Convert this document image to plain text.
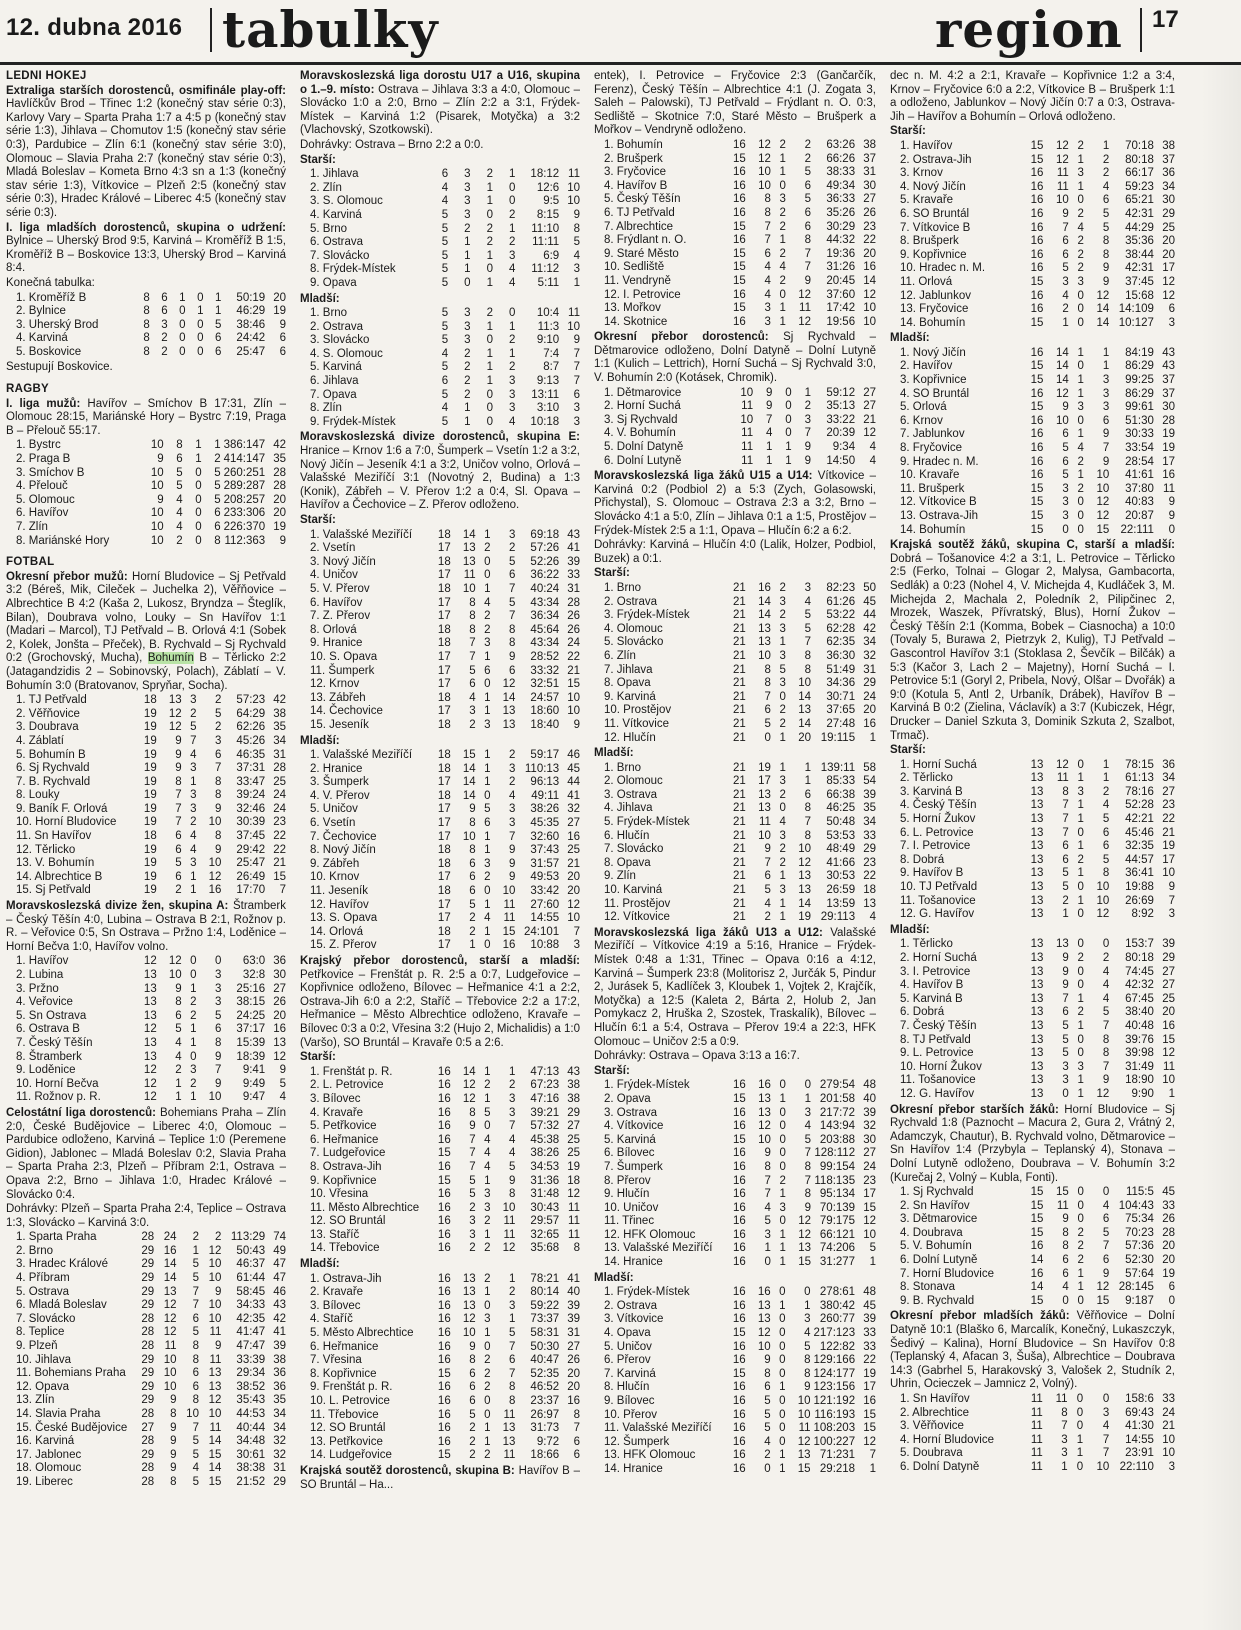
12. dubna 2016 tabulky	region 17
LEDNÍ HOKEJ

Extraliga starších dorostenců, osmifinále play-off: Havlíčkův Brod – Třinec 1:2 (konečný stav série 0:3), Karlovy Vary – Sparta Praha 1:7 a 4:5 p (konečný stav série 1:3), Jihlava – Chomutov 1:5 (konečný stav série 0:3), Pardubice – Zlín 6:1 (konečný stav série 3:0), Olomouc – Slavia Praha 2:7 (konečný stav série 0:3), Mladá Boleslav – Kometa Brno 4:3 sn a 1:3 (konečný stav série 1:3), Vítkovice – Plzeň 2:5 (konečný stav série 0:3), Hradec Králové – Liberec 4:5 (konečný stav série 0:3).

I. liga mladších dorostenců, skupina o udržení: Bylnice – Uherský Brod 9:5, Karviná – Kroměříž B 1:5, Kroměříž B – Boskovice 13:3, Uherský Brod – Karviná 8:4.

Konečná tabulka:

1. Kroměříž B	8	6	1	0	1	50:19	20
2. Bylnice	8	6	0	1	1	46:29	19
3. Uherský Brod	8	3	0	0	5	38:46	9
4. Karviná	8	2	0	0	6	24:42	6
5. Boskovice	8	2	0	0	6	25:47	6

Sestupují Boskovice.

RAGBY

I. liga mužů: Havířov – Smíchov B 17:31, Zlín – Olomouc 28:15, Mariánské Hory – Bystrc 7:19, Praga B – Přelouč 55:17.

1. Bystrc	10	8	1	1	386:147	42
2. Praga B	9	6	1	2	414:147	35
3. Smíchov B	10	5	0	5	260:251	28
4. Přelouč	10	5	0	5	289:287	28
5. Olomouc	9	4	0	5	208:257	20
6. Havířov	10	4	0	6	233:306	20
7. Zlín	10	4	0	6	226:370	19
8. Mariánské Hory	10	2	0	8	112:363	9
FOTBAL

Okresní přebor mužů: Horní Bludovice – Sj Petřvald 3:2 (Béreš, Mik, Cileček – Juchelka 2), Věřňovice – Albrechtice B 4:2 (Kaša 2, Lukosz, Bryndza – Šteglík, Bilan), Doubrava volno, Louky – Sn Havířov 1:1 (Madari – Marcol), TJ Petřvald – B. Orlová 4:1 (Sobek 2, Kolek, Jonšta – Přeček), B. Rychvald – Sj Rychvald 0:2 (Grochovský, Mucha), Bohumín B – Těrlicko 2:2 (Jatagandzidis 2 – Sobinovský, Polach), Záblatí – V. Bohumín 3:0 (Bratovanov, Spryňar, Socha).

1. TJ Petřvald	18	13	3	2	57:23	42
2. Věřňovice	19	12	2	5	64:29	38
3. Doubrava	19	12	5	2	62:26	35
4. Záblatí	19	9	7	3	45:26	34
5. Bohumín B	19	9	4	6	46:35	31
6. Sj Rychvald	19	9	3	7	37:31	28
7. B. Rychvald	19	8	1	8	33:47	25
8. Louky	19	7	3	8	39:24	24
9. Baník F. Orlová	19	7	3	9	32:46	24
10. Horní Bludovice	19	7	2	10	30:39	23
11. Sn Havířov	18	6	4	8	37:45	22
12. Těrlicko	19	6	4	9	29:42	22
13. V. Bohumín	19	5	3	10	25:47	21
14. Albrechtice B	19	6	1	12	26:49	15
15. Sj Petřvald	19	2	1	16	17:70	7

Moravskoslezská divize žen, skupina A: Štramberk – Český Těšín 4:0, Lubina – Ostrava B 2:1, Rožnov p. R. – Veřovice 0:5, Sn Ostrava – Pržno 1:4, Loděnice – Horní Bečva 1:0, Havířov volno.

1. Havířov	12	12	0	0	63:0	36
2. Lubina	13	10	0	3	32:8	30
3. Pržno	13	9	1	3	25:16	27
4. Veřovice	13	8	2	3	38:15	26
5. Sn Ostrava	13	6	2	5	24:25	20
6. Ostrava B	12	5	1	6	37:17	16
7. Český Těšín	13	4	1	8	15:39	13
8. Štramberk	13	4	0	9	18:39	12
9. Loděnice	12	2	3	7	9:41	9
10. Horní Bečva	12	1	2	9	9:49	5
11. Rožnov p. R.	12	1	1	10	9:47	4

Celostátní liga dorostenců: Bohemians Praha – Zlín 2:0, České Budějovice – Liberec 4:0, Olomouc – Pardubice odloženo, Karviná – Teplice 1:0 (Peremene Gidion), Jablonec – Mladá Boleslav 0:2, Slavia Praha – Sparta Praha 2:3, Plzeň – Příbram 2:1, Ostrava – Opava 2:2, Brno – Jihlava 1:0, Hradec Králové – Slovácko 0:4.

Dohrávky: Plzeň – Sparta Praha 2:4, Teplice – Ostrava 1:3, Slovácko – Karviná 3:0.

1. Sparta Praha	28	24	2	2	113:29	74
2. Brno	29	16	1	12	50:43	49
3. Hradec Králové	29	14	5	10	46:37	47
4. Příbram	29	14	5	10	61:44	47
5. Ostrava	29	13	7	9	58:45	46
6. Mladá Boleslav	29	12	7	10	34:33	43
7. Slovácko	28	12	6	10	42:35	42
8. Teplice	28	12	5	11	41:47	41
9. Plzeň	28	11	8	9	47:47	39
10. Jihlava	29	10	8	11	33:39	38
11. Bohemians Praha	29	10	6	13	29:34	36
12. Opava	29	10	6	13	38:52	36
13. Zlín	29	9	8	12	35:43	35
14. Slavia Praha	28	8	10	10	44:53	34
15. České Budějovice	27	9	7	11	40:44	34
16. Karviná	28	9	5	14	34:48	32
17. Jablonec	29	9	5	15	30:61	32
18. Olomouc	28	9	4	14	38:38	31
19. Liberec	28	8	5	15	21:52	29

Moravskoslezská liga dorostu U17 a U16, skupina o 1.–9. místo: Ostrava – Jihlava 3:3 a 4:0, Olomouc – Slovácko 1:0 a 2:0, Brno – Zlín 2:2 a 3:1, Frýdek-Místek – Karviná 1:2 (Pisarek, Motyčka) a 3:2 (Vlachovský, Szotkowski).

Dohrávky: Ostrava – Brno 2:2 a 0:0.

Starší:

1. Jihlava	6	3	2	1	18:12	11
2. Zlín	4	3	1	0	12:6	10
3. S. Olomouc	4	3	1	0	9:5	10
4. Karviná	5	3	0	2	8:15	9
5. Brno	5	2	2	1	11:10	8
6. Ostrava	5	1	2	2	11:11	5
7. Slovácko	5	1	1	3	6:9	4
8. Frýdek-Místek	5	1	0	4	11:12	3
9. Opava	5	0	1	4	5:11	1

Mladší:

1. Brno	5	3	2	0	10:4	11
2. Ostrava	5	3	1	1	11:3	10
3. Slovácko	5	3	0	2	9:10	9
4. S. Olomouc	4	2	1	1	7:4	7
5. Karviná	5	2	1	2	8:7	7
6. Jihlava	6	2	1	3	9:13	7
7. Opava	5	2	0	3	13:11	6
8. Zlín	4	1	0	3	3:10	3
9. Frýdek-Místek	5	1	0	4	10:18	3

Moravskoslezská divize dorostenců, skupina E: Hranice – Krnov 1:6 a 7:0, Šumperk – Vsetín 1:2 a 3:2, Nový Jičín – Jeseník 4:1 a 3:2, Uničov volno, Orlová – Valašské Meziříčí 3:1 (Novotný 2, Budina) a 1:3 (Konik), Zábřeh – V. Přerov 1:2 a 0:4, Sl. Opava – Havířov a Čechovice – Z. Přerov odloženo.

Starší:

1. Valašské Meziříčí	18	14	1	3	69:18	43
2. Vsetín	17	13	2	2	57:26	41
3. Nový Jičín	18	13	0	5	52:26	39
4. Uničov	17	11	0	6	36:22	33
5. V. Přerov	18	10	1	7	40:24	31
6. Havířov	17	8	4	5	43:34	28
7. Z. Přerov	17	8	2	7	36:34	26
8. Orlová	18	8	2	8	45:64	26
9. Hranice	18	7	3	8	43:34	24
10. S. Opava	17	7	1	9	28:52	22
11. Šumperk	17	5	6	6	33:32	21
12. Krnov	17	6	0	12	32:51	15
13. Zábřeh	18	4	1	14	24:57	10
14. Čechovice	17	3	1	13	18:60	10
15. Jeseník	18	2	3	13	18:40	9

Mladší:

1. Valašské Meziříčí	18	15	1	2	59:17	46
2. Hranice	18	14	1	3	110:13	45
3. Šumperk	17	14	1	2	96:13	44
4. V. Přerov	18	14	0	4	49:11	41
5. Uničov	17	9	5	3	38:26	32
6. Vsetín	17	8	6	3	45:35	27
7. Čechovice	17	10	1	7	32:60	16
8. Nový Jičín	18	8	1	9	37:43	25
9. Zábřeh	18	6	3	9	31:57	21
10. Krnov	17	6	2	9	49:53	20
11. Jeseník	18	6	0	10	33:42	20
12. Havířov	17	5	1	11	27:60	12
13. S. Opava	17	2	4	11	14:55	10
14. Orlová	18	2	1	15	24:101	7
15. Z. Přerov	17	1	0	16	10:88	3

Krajský přebor dorostenců, starší a mladší: Petřkovice – Frenštát p. R. 2:5 a 0:7, Ludgeřovice – Kopřivnice odloženo, Bílovec – Heřmanice 4:1 a 2:2, Ostrava-Jih 6:0 a 2:2, Staříč – Třebovice 2:2 a 17:2, Heřmanice – Město Albrechtice odloženo, Kravaře – Bílovec 0:3 a 0:2, Vřesina 3:2 (Hujo 2, Michalidis) a 1:0 (Varšo), SO Bruntál – Kravaře 0:5 a 2:6.

Starší:

1. Frenštát p. R.	16	14	1	1	47:13	43
2. L. Petrovice	16	12	2	2	67:23	38
3. Bílovec	16	12	1	3	47:16	38
4. Kravaře	16	8	5	3	39:21	29
5. Petřkovice	16	9	0	7	57:32	27
6. Heřmanice	16	7	4	4	45:38	25
7. Ludgeřovice	15	7	4	4	38:26	25
8. Ostrava-Jih	16	7	4	5	34:53	19
9. Kopřivnice	15	5	1	9	31:36	18
10. Vřesina	16	5	3	8	31:48	12
11. Město Albrechtice	16	2	3	10	30:43	11
12. SO Bruntál	16	3	2	11	29:57	11
13. Staříč	16	3	1	11	32:65	11
14. Třebovice	16	2	2	12	35:68	8

Mladší:

1. Ostrava-Jih	16	13	2	1	78:21	41
2. Kravaře	16	13	1	2	80:14	40
3. Bílovec	16	13	0	3	59:22	39
4. Staříč	16	12	3	1	73:37	39
5. Město Albrechtice	16	10	1	5	58:31	31
6. Heřmanice	16	9	0	7	50:30	27
7. Vřesina	16	8	2	6	40:47	26
8. Kopřivnice	15	6	2	7	52:35	20
9. Frenštát p. R.	16	6	2	8	46:52	20
10. L. Petrovice	16	6	0	8	23:37	16
11. Třebovice	16	5	0	11	26:97	8
12. SO Bruntál	16	2	1	13	31:73	7
13. Petřkovice	16	2	1	13	9:72	6
14. Ludgeřovice	15	2	2	11	18:66	6

Krajská soutěž dorostenců, skupina B: Havířov B – SO Bruntál – Ha...

entek), I. Petrovice – Fryčovice 2:3 (Gančarčík, Ferenz), Český Těšín – Albrechtice 4:1 (J. Zogata 3, Saleh – Palowski), TJ Petřvald – Frýdlant n. O. 0:3, Sedliště – Skotnice 7:0, Staré Město – Brušperk a Mořkov – Vendryně odloženo.

1. Bohumín	16	12	2	2	63:26	38
2. Brušperk	15	12	1	2	66:26	37
3. Fryčovice	16	10	1	5	38:33	31
4. Havířov B	16	10	0	6	49:34	30
5. Český Těšín	16	8	3	5	36:33	27
6. TJ Petřvald	16	8	2	6	35:26	26
7. Albrechtice	15	7	2	6	30:29	23
8. Frýdlant n. O.	16	7	1	8	44:32	22
9. Staré Město	15	6	2	7	19:36	20
10. Sedliště	15	4	4	7	31:26	16
11. Vendryně	15	4	2	9	20:45	14
12. I. Petrovice	16	4	0	12	37:60	12
13. Mořkov	15	3	1	11	17:42	10
14. Skotnice	16	3	1	12	19:56	10

Okresní přebor dorostenců: Sj Rychvald – Dětmarovice odloženo, Dolní Datyně – Dolní Lutyně 1:1 (Kulich – Lettrich), Horní Suchá – Sj Rychvald 3:0, V. Bohumín 2:0 (Kotásek, Chromik).

1. Dětmarovice	10	9	0	1	59:12	27
2. Horní Suchá	11	9	0	2	35:13	27
3. Sj Rychvald	10	7	0	3	33:22	21
4. V. Bohumín	11	4	0	7	20:39	12
5. Dolní Datyně	11	1	1	9	9:34	4
6. Dolní Lutyně	11	1	1	9	14:50	4

Moravskoslezská liga žáků U15 a U14: Vítkovice – Karviná 0:2 (Podbiol 2) a 5:3 (Zych, Golasowski, Přichystal), S. Olomouc – Ostrava 2:3 a 3:2, Brno – Slovácko 4:1 a 5:0, Zlín – Jihlava 0:1 a 1:5, Prostějov – Frýdek-Místek 2:5 a 1:1, Opava – Hlučín 6:2 a 6:2.

Dohrávky: Karviná – Hlučín 4:0 (Lalik, Holzer, Podbiol, Buzek) a 0:1.

Starší:

1. Brno	21	16	2	3	82:23	50
2. Ostrava	21	14	3	4	61:26	45
3. Frýdek-Místek	21	14	2	5	53:22	44
4. Olomouc	21	13	3	5	62:28	42
5. Slovácko	21	13	1	7	62:35	34
6. Zlín	21	10	3	8	36:30	32
7. Jihlava	21	8	5	8	51:49	31
8. Opava	21	8	3	10	34:36	29
9. Karviná	21	7	0	14	30:71	24
10. Prostějov	21	6	2	13	37:65	20
11. Vítkovice	21	5	2	14	27:48	16
12. Hlučín	21	0	1	20	19:115	1

Mladší:

1. Brno	21	19	1	1	139:11	58
2. Olomouc	21	17	3	1	85:33	54
3. Ostrava	21	13	2	6	66:38	39
4. Jihlava	21	13	0	8	46:25	35
5. Frýdek-Místek	21	11	4	7	50:48	34
6. Hlučín	21	10	3	8	53:53	33
7. Slovácko	21	9	2	10	48:49	29
8. Opava	21	7	2	12	41:66	23
9. Zlín	21	6	1	13	30:53	22
10. Karviná	21	5	3	13	26:59	18
11. Prostějov	21	4	1	14	13:59	13
12. Vítkovice	21	2	1	19	29:113	4

Moravskoslezská liga žáků U13 a U12: Valašské Meziříčí – Vítkovice 4:19 a 5:16, Hranice – Frýdek-Místek 0:48 a 1:31, Třinec – Opava 0:16 a 4:12, Karviná – Šumperk 23:8 (Molitorisz 2, Jurčák 5, Pindur 2, Jurásek 5, Kadlíček 3, Kloubek 1, Vojtek 2, Krajčík, Motyčka) a 12:5 (Kaleta 2, Bárta 2, Holub 2, Jan Pomykacz 2, Hruška 2, Szostek, Traskalík), Bílovec – Hlučín 6:1 a 5:4, Ostrava – Přerov 19:4 a 22:3, HFK Olomouc – Uničov 2:5 a 0:9.

Dohrávky: Ostrava – Opava 3:13 a 16:7.

Starší:

1. Frýdek-Místek	16	16	0	0	279:54	48
2. Opava	15	13	1	1	201:58	40
3. Ostrava	16	13	0	3	217:72	39
4. Vítkovice	16	12	0	4	143:94	32
5. Karviná	15	10	0	5	203:88	30
6. Bílovec	16	9	0	7	128:112	27
7. Šumperk	16	8	0	8	99:154	24
8. Přerov	16	7	2	7	118:135	23
9. Hlučín	16	7	1	8	95:134	17
10. Uničov	16	4	3	9	70:139	15
11. Třinec	16	5	0	12	79:175	12
12. HFK Olomouc	16	3	1	12	66:121	10
13. Valašské Meziříčí	16	1	1	13	74:206	5
14. Hranice	16	0	1	15	31:277	1

Mladší:

1. Frýdek-Místek	16	16	0	0	278:61	48
2. Ostrava	16	13	1	1	380:42	45
3. Vítkovice	16	13	0	3	260:77	39
4. Opava	15	12	0	4	217:123	33
5. Uničov	16	10	0	5	122:82	33
6. Přerov	16	9	0	8	129:166	22
7. Karviná	15	8	0	8	124:177	19
8. Hlučín	16	6	1	9	123:156	17
9. Bílovec	16	5	0	10	121:192	16
10. Přerov	16	5	0	10	116:193	15
11. Valašské Meziříčí	16	5	0	11	108:203	15
12. Šumperk	16	4	0	12	100:227	12
13. HFK Olomouc	16	2	1	13	71:231	7
14. Hranice	16	0	1	15	29:218	1

dec n. M. 4:2 a 2:1, Kravaře – Kopřivnice 1:2 a 3:4, Krnov – Fryčovice 6:0 a 2:2, Vítkovice B – Brušperk 1:1 a odloženo, Jablunkov – Nový Jičín 0:7 a 0:3, Ostrava-Jih – Havířov a Bohumín – Orlová odloženo.

Starší:

1. Havířov	15	12	2	1	70:18	38
2. Ostrava-Jih	15	12	1	2	80:18	37
3. Krnov	16	11	3	2	66:17	36
4. Nový Jičín	16	11	1	4	59:23	34
5. Kravaře	16	10	0	6	65:21	30
6. SO Bruntál	16	9	2	5	42:31	29
7. Vítkovice B	16	7	4	5	44:29	25
8. Brušperk	16	6	2	8	35:36	20
9. Kopřivnice	16	6	2	8	38:44	20
10. Hradec n. M.	16	5	2	9	42:31	17
11. Orlová	15	3	3	9	37:45	12
12. Jablunkov	16	4	0	12	15:68	12
13. Fryčovice	16	2	0	14	14:109	6
14. Bohumín	15	1	0	14	10:127	3

Mladší:

1. Nový Jičín	16	14	1	1	84:19	43
2. Havířov	15	14	0	1	86:29	43
3. Kopřivnice	15	14	1	3	99:25	37
4. SO Bruntál	16	12	1	3	86:29	37
5. Orlová	15	9	3	3	99:61	30
6. Krnov	16	10	0	6	51:30	28
7. Jablunkov	16	6	1	9	30:33	19
8. Fryčovice	16	5	4	7	33:54	19
9. Hradec n. M.	16	6	2	9	28:54	17
10. Kravaře	16	5	1	10	41:61	16
11. Brušperk	15	3	2	10	37:80	11
12. Vítkovice B	15	3	0	12	40:83	9
13. Ostrava-Jih	15	3	0	12	20:87	9
14. Bohumín	15	0	0	15	22:111	0

Krajská soutěž žáků, skupina C, starší a mladší: Dobrá – Tošanovice 4:2 a 3:1, L. Petrovice – Těrlicko 2:5 (Ferko, Tolnai – Glogar 2, Malysa, Gambacorta, Sedlák) a 0:23 (Nohel 4, V. Michejda 4, Kudláček 3, M. Michejda 2, Machala 2, Poledník 2, Pilipčinec 2, Mrozek, Waszek, Přívratský, Blus), Horní Žukov – Český Těšín 2:1 (Komma, Bobek – Ciasnocha) a 10:0 (Tovaly 5, Burawa 2, Pietrzyk 2, Kulig), TJ Petřvald – Gascontrol Havířov 3:1 (Stoklasa 2, Ševčík – Bilčák) a 5:3 (Kačor 3, Lach 2 – Majetny), Horní Suchá – I. Petrovice 5:1 (Goryl 2, Pribela, Nový, Olšar – Dvořák) a 9:0 (Kotula 5, Antl 2, Urbaník, Drábek), Havířov B – Karviná B 0:2 (Zielina, Václavík) a 3:7 (Kubiczek, Hégr, Drucker – Daniel Szkuta 3, Dominik Szkuta 2, Szalbot, Trmač).

Starší:

1. Horní Suchá	13	12	0	1	78:15	36
2. Těrlicko	13	11	1	1	61:13	34
3. Karviná B	13	8	3	2	78:16	27
4. Český Těšín	13	7	1	4	52:28	23
5. Horní Žukov	13	7	1	5	42:21	22
6. L. Petrovice	13	7	0	6	45:46	21
7. I. Petrovice	13	6	1	6	32:35	19
8. Dobrá	13	6	2	5	44:57	17
9. Havířov B	13	5	1	8	36:41	10
10. TJ Petřvald	13	5	0	10	19:88	9
11. Tošanovice	13	2	1	10	26:69	7
12. G. Havířov	13	1	0	12	8:92	3

Mladší:

1. Těrlicko	13	13	0	0	153:7	39
2. Horní Suchá	13	9	2	2	80:18	29
3. I. Petrovice	13	9	0	4	74:45	27
4. Havířov B	13	9	0	4	42:32	27
5. Karviná B	13	7	1	4	67:45	25
6. Dobrá	13	6	2	5	38:40	20
7. Český Těšín	13	5	1	7	40:48	16
8. TJ Petřvald	13	5	0	8	39:76	15
9. L. Petrovice	13	5	0	8	39:98	12
10. Horní Žukov	13	3	3	7	31:49	11
11. Tošanovice	13	3	1	9	18:90	10
12. G. Havířov	13	0	1	12	9:90	1

Okresní přebor starších žáků: Horní Bludovice – Sj Rychvald 1:8 (Paznocht – Macura 2, Gura 2, Vrátný 2, Adamczyk, Chautur), B. Rychvald volno, Dětmarovice – Sn Havířov 1:4 (Przybyla – Teplanský 4), Stonava – Dolní Lutyně odloženo, Doubrava – V. Bohumín 3:2 (Kurečaj 2, Volný – Kubla, Fonti).

1. Sj Rychvald	15	15	0	0	115:5	45
2. Sn Havířov	15	11	0	4	104:43	33
3. Dětmarovice	15	9	0	6	75:34	26
4. Doubrava	15	8	2	5	70:23	28
5. V. Bohumín	16	8	2	7	57:36	20
6. Dolní Lutyně	14	6	2	6	52:30	20
7. Horní Bludovice	16	6	1	9	57:64	19
8. Stonava	14	4	1	12	28:145	6
9. B. Rychvald	15	0	0	15	9:187	0

Okresní přebor mladších žáků: Věřňovice – Dolní Datyně 10:1 (Blaško 6, Marcalík, Konečný, Lukaszczyk, Šedivý – Kalina), Horní Bludovice – Sn Havířov 0:8 (Teplanský 4, Afacan 3, Šuša), Albrechtice – Doubrava 14:3 (Gabrhel 5, Harakovský 3, Valošek 2, Studník 2, Uhrin, Ocieczek – Jamnicz 2, Volný).

1. Sn Havířov	11	11	0	0	158:6	33
2. Albrechtice	11	8	0	3	69:43	24
3. Věřňovice	11	7	0	4	41:30	21
4. Horní Bludovice	11	3	1	7	14:55	10
5. Doubrava	11	3	1	7	23:91	10
6. Dolní Datyně	11	1	0	10	22:110	3
